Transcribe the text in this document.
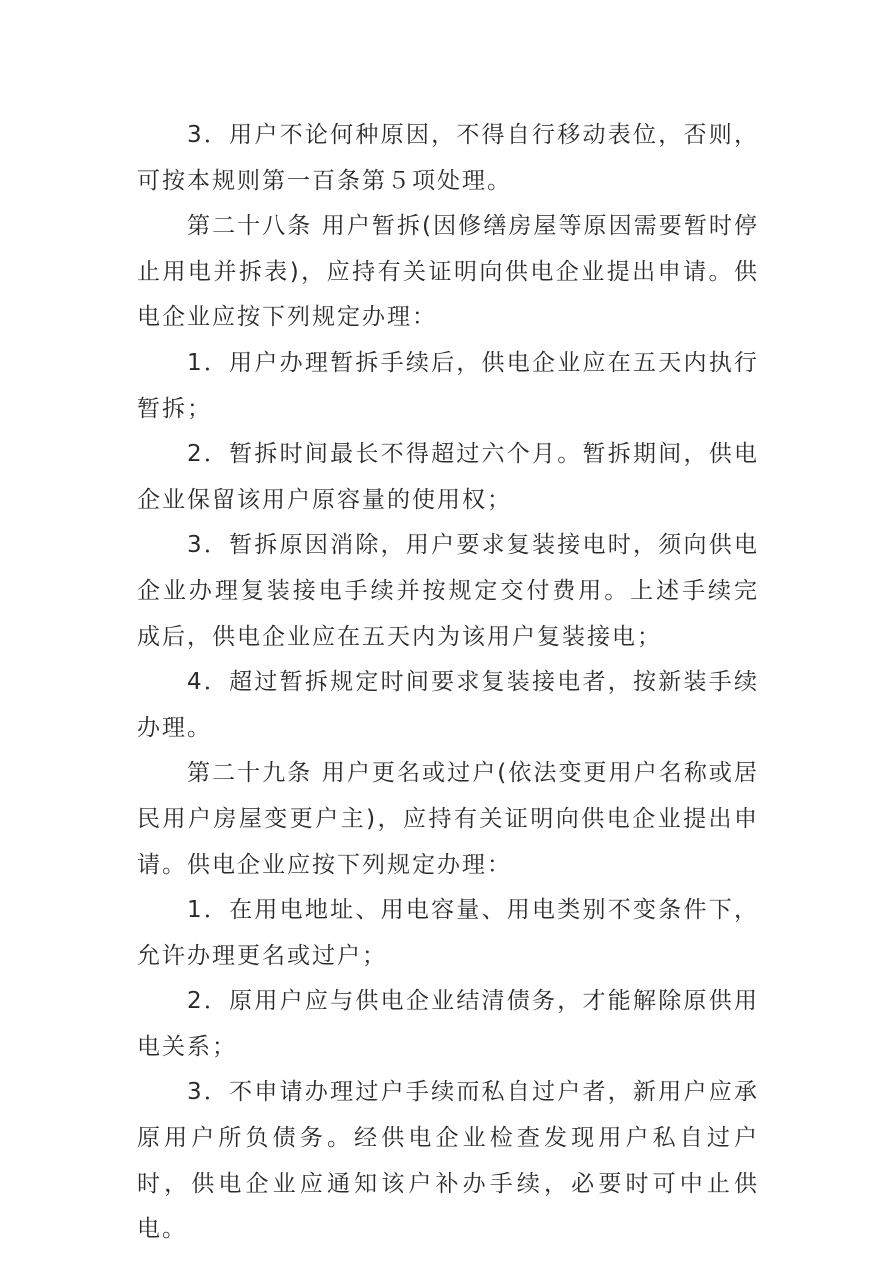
3．用户不论何种原因，不得自行移动表位，否则，可按本规则第一百条第５项处理。

第二十八条 用户暂拆(因修缮房屋等原因需要暂时停止用电并拆表)，应持有关证明向供电企业提出申请。供电企业应按下列规定办理：

1．用户办理暂拆手续后，供电企业应在五天内执行暂拆；

2．暂拆时间最长不得超过六个月。暂拆期间，供电企业保留该用户原容量的使用权；

3．暂拆原因消除，用户要求复装接电时，须向供电企业办理复装接电手续并按规定交付费用。上述手续完成后，供电企业应在五天内为该用户复装接电；

4．超过暂拆规定时间要求复装接电者，按新装手续办理。

第二十九条 用户更名或过户(依法变更用户名称或居民用户房屋变更户主)，应持有关证明向供电企业提出申请。供电企业应按下列规定办理：

1．在用电地址、用电容量、用电类别不变条件下，允许办理更名或过户；

2．原用户应与供电企业结清债务，才能解除原供用电关系；

3．不申请办理过户手续而私自过户者，新用户应承原用户所负债务。经供电企业检查发现用户私自过户时，供电企业应通知该户补办手续，必要时可中止供电。
